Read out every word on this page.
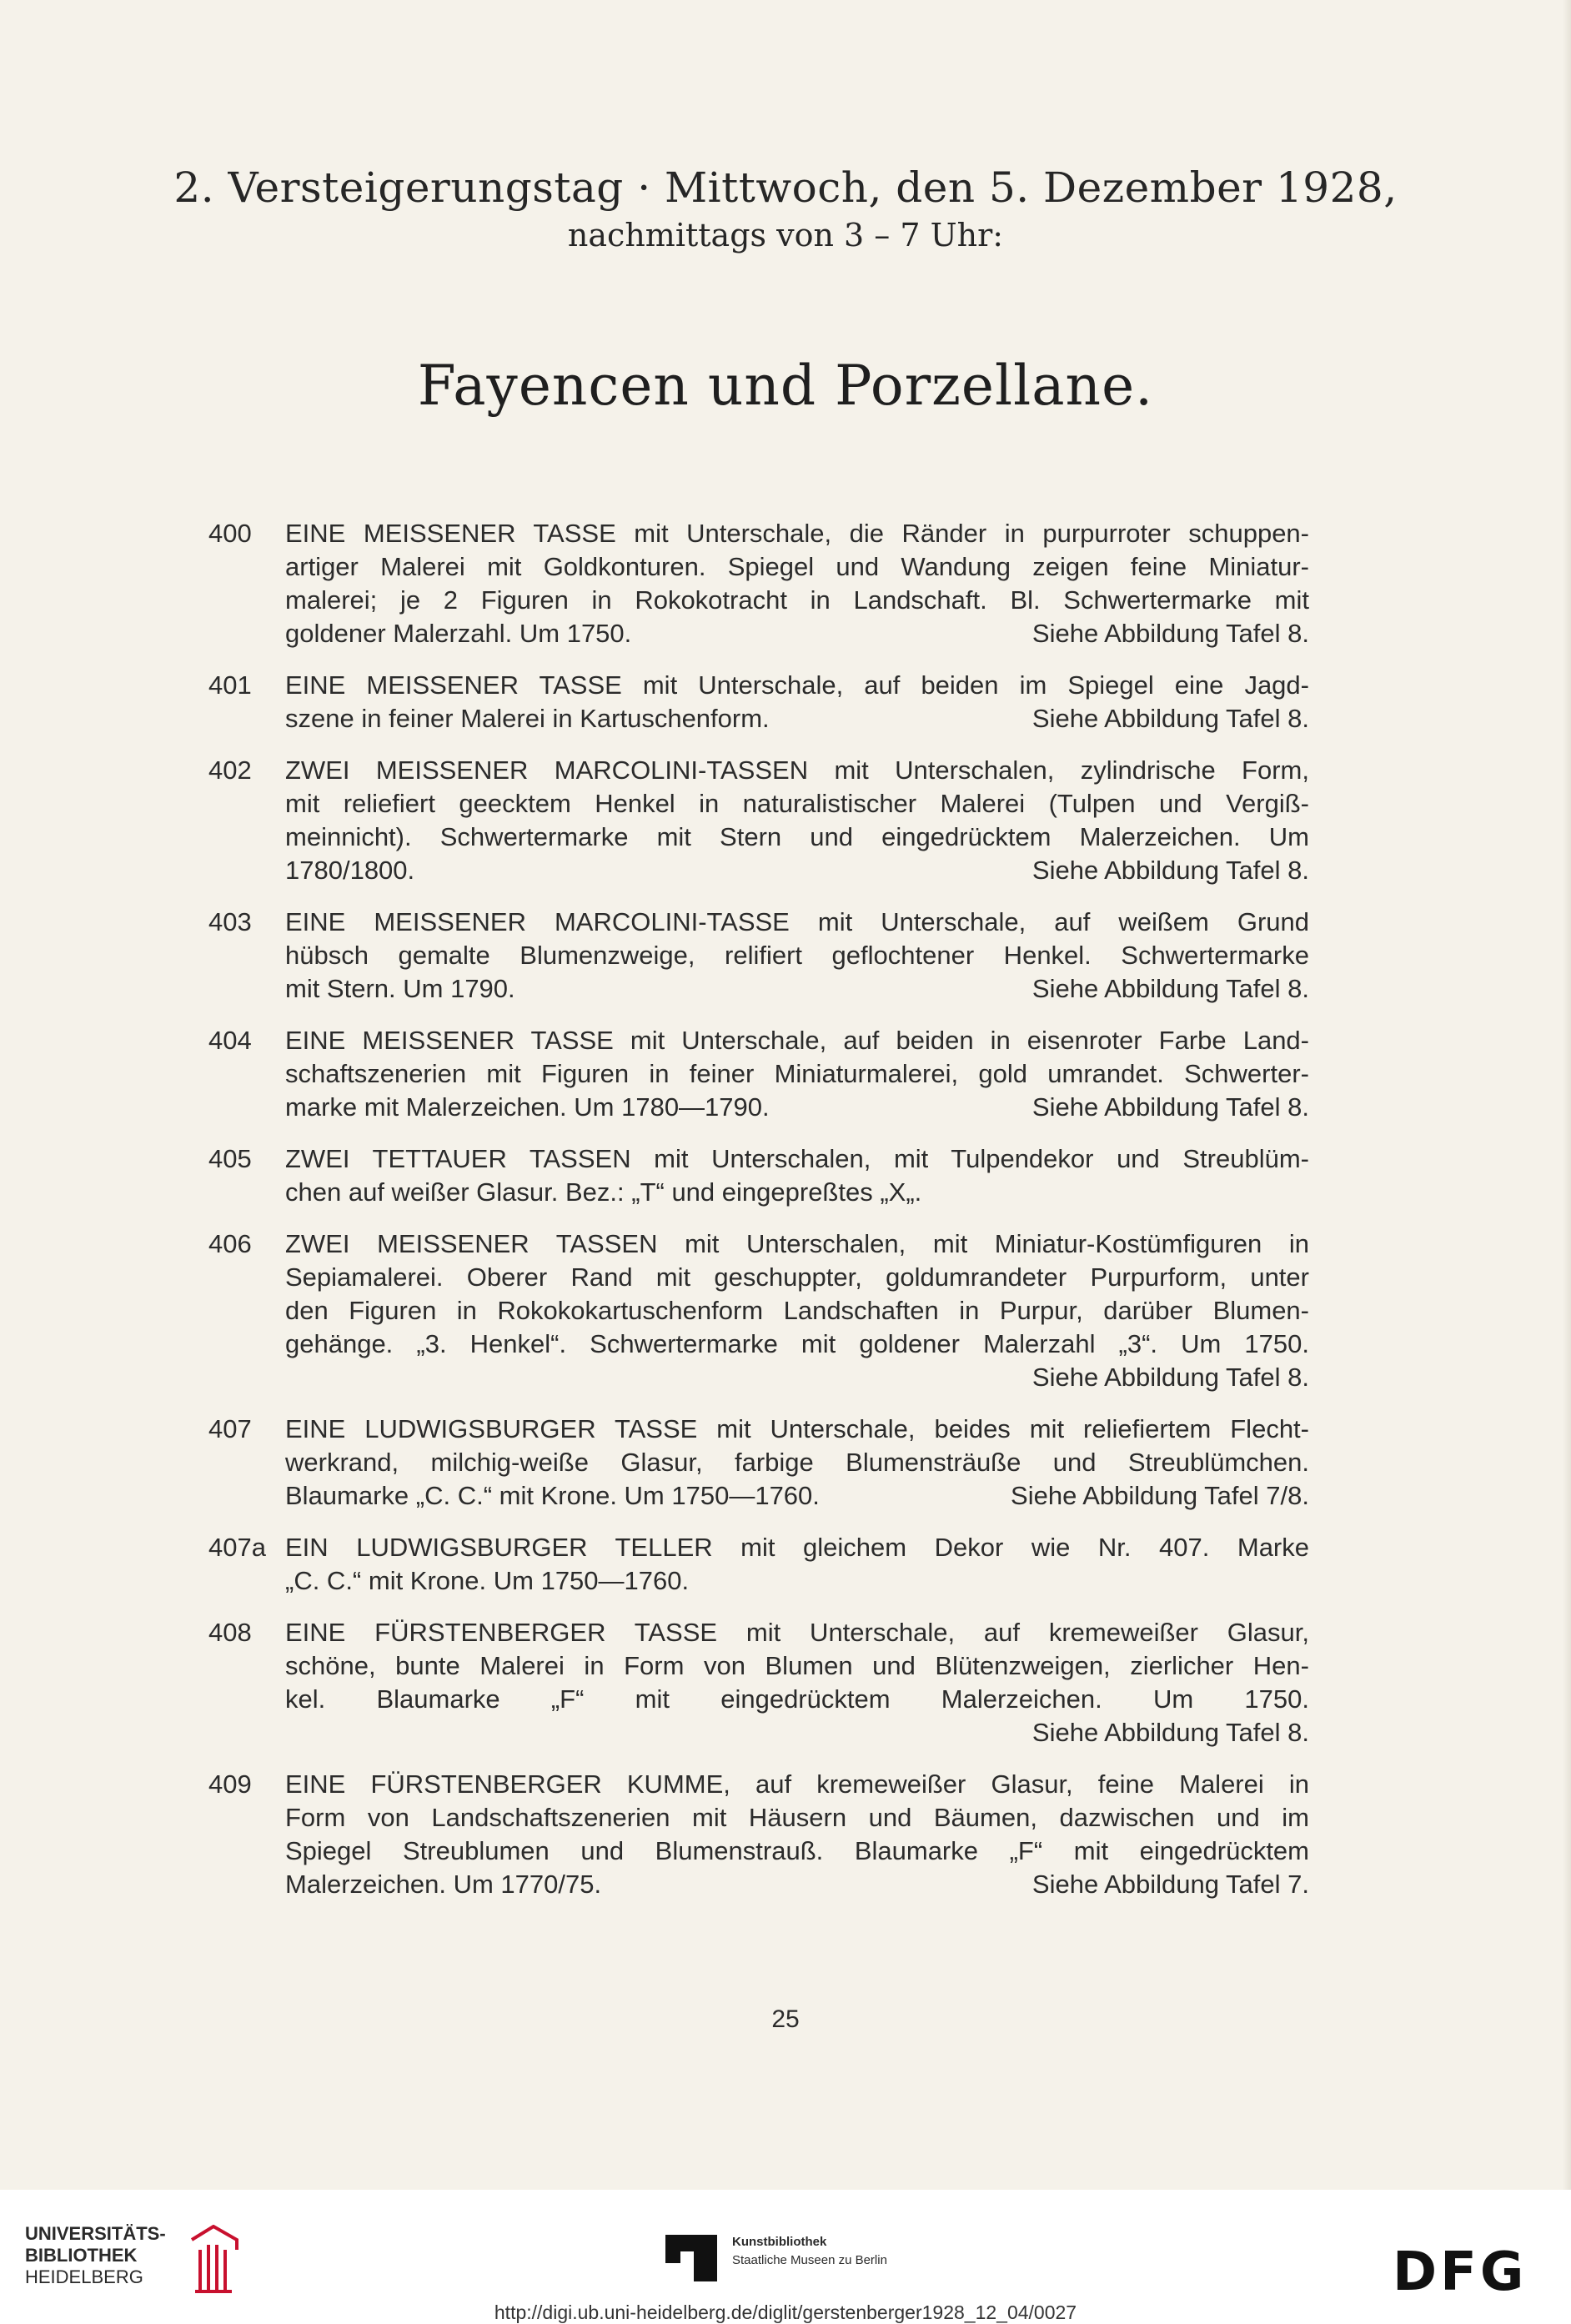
2. Versteigerungstag · Mittwoch, den 5. Dezember 1928,
nachmittags von 3 – 7 Uhr:
Fayencen und Porzellane.
400	EINE MEISSENER TASSE mit Unterschale, die Ränder in purpurroter schuppen-
artiger Malerei mit Goldkonturen. Spiegel und Wandung zeigen feine Miniatur-
malerei; je 2 Figuren in Rokokotracht in Landschaft. Bl. Schwertermarke mit
goldener Malerzahl. Um 1750.	Siehe Abbildung Tafel 8.
401	EINE MEISSENER TASSE mit Unterschale, auf beiden im Spiegel eine Jagd-
szene in feiner Malerei in Kartuschenform.	Siehe Abbildung Tafel 8.
402	ZWEI MEISSENER MARCOLINI-TASSEN mit Unterschalen, zylindrische Form,
mit reliefiert geecktem Henkel in naturalistischer Malerei (Tulpen und Vergiß-
meinnicht). Schwertermarke mit Stern und eingedrücktem Malerzeichen. Um
1780/1800.	Siehe Abbildung Tafel 8.
403	EINE MEISSENER MARCOLINI-TASSE mit Unterschale, auf weißem Grund
hübsch gemalte Blumenzweige, relifiert geflochtener Henkel. Schwertermarke
mit Stern. Um 1790.	Siehe Abbildung Tafel 8.
404	EINE MEISSENER TASSE mit Unterschale, auf beiden in eisenroter Farbe Land-
schaftszenerien mit Figuren in feiner Miniaturmalerei, gold umrandet. Schwerter-
marke mit Malerzeichen. Um 1780—1790.	Siehe Abbildung Tafel 8.
405	ZWEI TETTAUER TASSEN mit Unterschalen, mit Tulpendekor und Streublüm-
chen auf weißer Glasur. Bez.: „T“ und eingepreßtes „X„.
406	ZWEI MEISSENER TASSEN mit Unterschalen, mit Miniatur-Kostümfiguren in
Sepiamalerei. Oberer Rand mit geschuppter, goldumrandeter Purpurform, unter
den Figuren in Rokokokartuschenform Landschaften in Purpur, darüber Blumen-
gehänge. „3. Henkel“. Schwertermarke mit goldener Malerzahl „3“. Um 1750.
Siehe Abbildung Tafel 8.
407	EINE LUDWIGSBURGER TASSE mit Unterschale, beides mit reliefiertem Flecht-
werkrand, milchig-weiße Glasur, farbige Blumensträuße und Streublümchen.
Blaumarke „C. C.“ mit Krone. Um 1750—1760.	Siehe Abbildung Tafel 7/8.
407a EIN LUDWIGSBURGER TELLER mit gleichem Dekor wie Nr. 407. Marke
„C. C.“ mit Krone. Um 1750—1760.
408	EINE FÜRSTENBERGER TASSE mit Unterschale, auf kremeweißer Glasur,
schöne, bunte Malerei in Form von Blumen und Blütenzweigen, zierlicher Hen-
kel. Blaumarke „F“ mit eingedrücktem Malerzeichen. Um 1750.
Siehe Abbildung Tafel 8.
409	EINE FÜRSTENBERGER KUMME, auf kremeweißer Glasur, feine Malerei in
Form von Landschaftszenerien mit Häusern und Bäumen, dazwischen und im
Spiegel Streublumen und Blumenstrauß. Blaumarke „F“ mit eingedrücktem
Malerzeichen. Um 1770/75.	Siehe Abbildung Tafel 7.
25
UNIVERSITÄTS-
BIBLIOTHEK
HEIDELBERG
Kunstbibliothek
Staatliche Museen zu Berlin	DFG
http://digi.ub.uni-heidelberg.de/diglit/gerstenberger1928_12_04/0027
